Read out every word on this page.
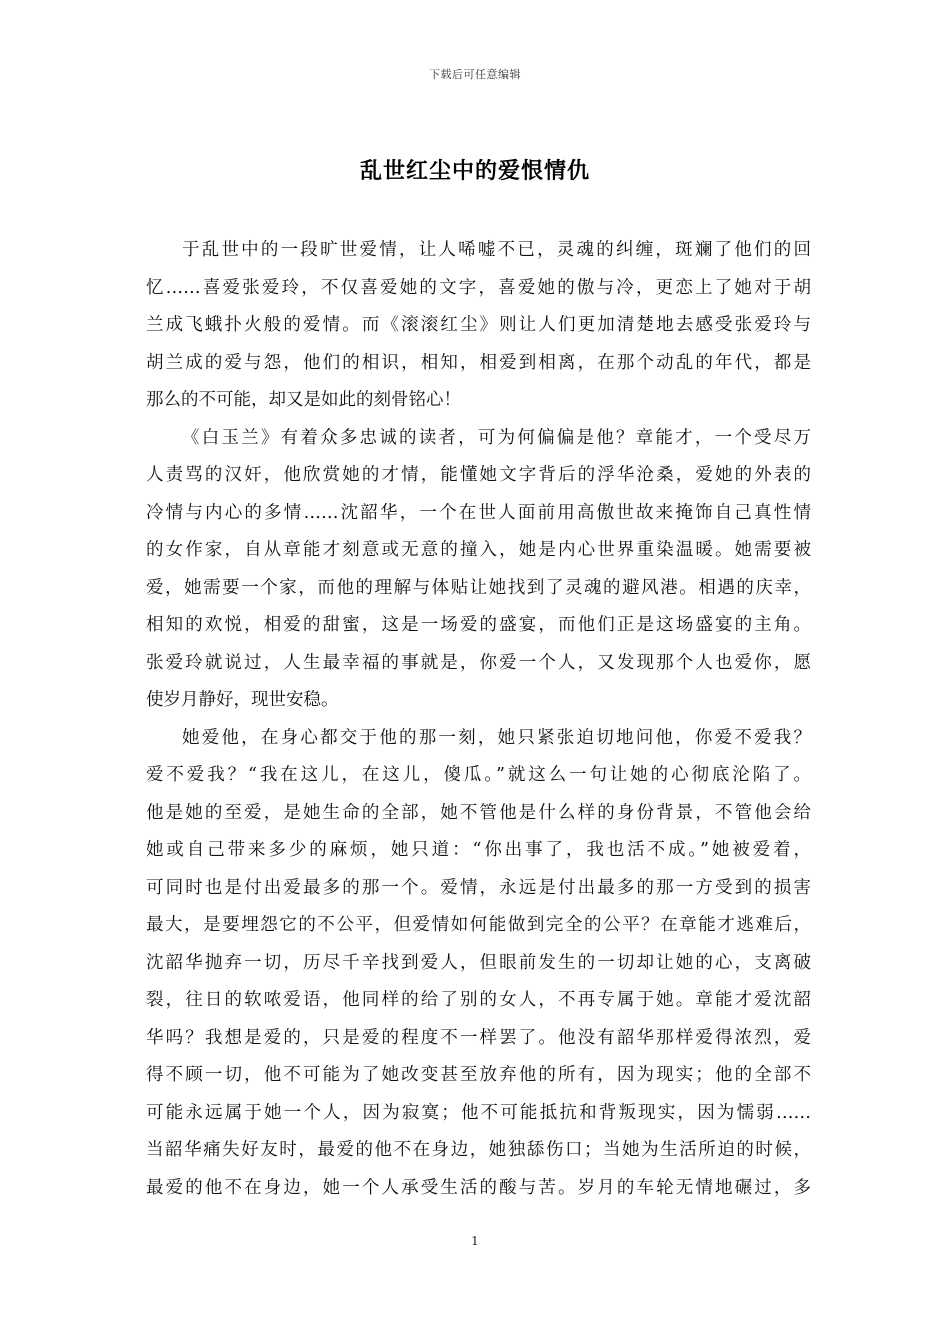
下载后可任意编辑
乱世红尘中的爱恨情仇
于乱世中的一段旷世爱情，让人唏嘘不已，灵魂的纠缠，斑斓了他们的回
忆……喜爱张爱玲，不仅喜爱她的文字，喜爱她的傲与冷，更恋上了她对于胡
兰成飞蛾扑火般的爱情。而《滚滚红尘》则让人们更加清楚地去感受张爱玲与
胡兰成的爱与怨，他们的相识，相知，相爱到相离，在那个动乱的年代，都是
那么的不可能，却又是如此的刻骨铭心！
《白玉兰》有着众多忠诚的读者，可为何偏偏是他？章能才，一个受尽万
人责骂的汉奸，他欣赏她的才情，能懂她文字背后的浮华沧桑，爱她的外表的
冷情与内心的多情……沈韶华，一个在世人面前用高傲世故来掩饰自己真性情
的女作家，自从章能才刻意或无意的撞入，她是内心世界重染温暖。她需要被
爱，她需要一个家，而他的理解与体贴让她找到了灵魂的避风港。相遇的庆幸，
相知的欢悦，相爱的甜蜜，这是一场爱的盛宴，而他们正是这场盛宴的主角。
张爱玲就说过，人生最幸福的事就是，你爱一个人，又发现那个人也爱你，愿
使岁月静好，现世安稳。
她爱他，在身心都交于他的那一刻，她只紧张迫切地问他，你爱不爱我？
爱不爱我？“我在这儿，在这儿，傻瓜。”就这么一句让她的心彻底沦陷了。
他是她的至爱，是她生命的全部，她不管他是什么样的身份背景，不管他会给
她或自己带来多少的麻烦，她只道：“你出事了，我也活不成。”她被爱着，
可同时也是付出爱最多的那一个。爱情，永远是付出最多的那一方受到的损害
最大，是要埋怨它的不公平，但爱情如何能做到完全的公平？在章能才逃难后，
沈韶华抛弃一切，历尽千辛找到爱人，但眼前发生的一切却让她的心，支离破
裂，往日的软哝爱语，他同样的给了别的女人，不再专属于她。章能才爱沈韶
华吗？我想是爱的，只是爱的程度不一样罢了。他没有韶华那样爱得浓烈，爱
得不顾一切，他不可能为了她改变甚至放弃他的所有，因为现实；他的全部不
可能永远属于她一个人，因为寂寞；他不可能抵抗和背叛现实，因为懦弱……
当韶华痛失好友时，最爱的他不在身边，她独舔伤口；当她为生活所迫的时候，
最爱的他不在身边，她一个人承受生活的酸与苦。岁月的车轮无情地碾过，多
1
